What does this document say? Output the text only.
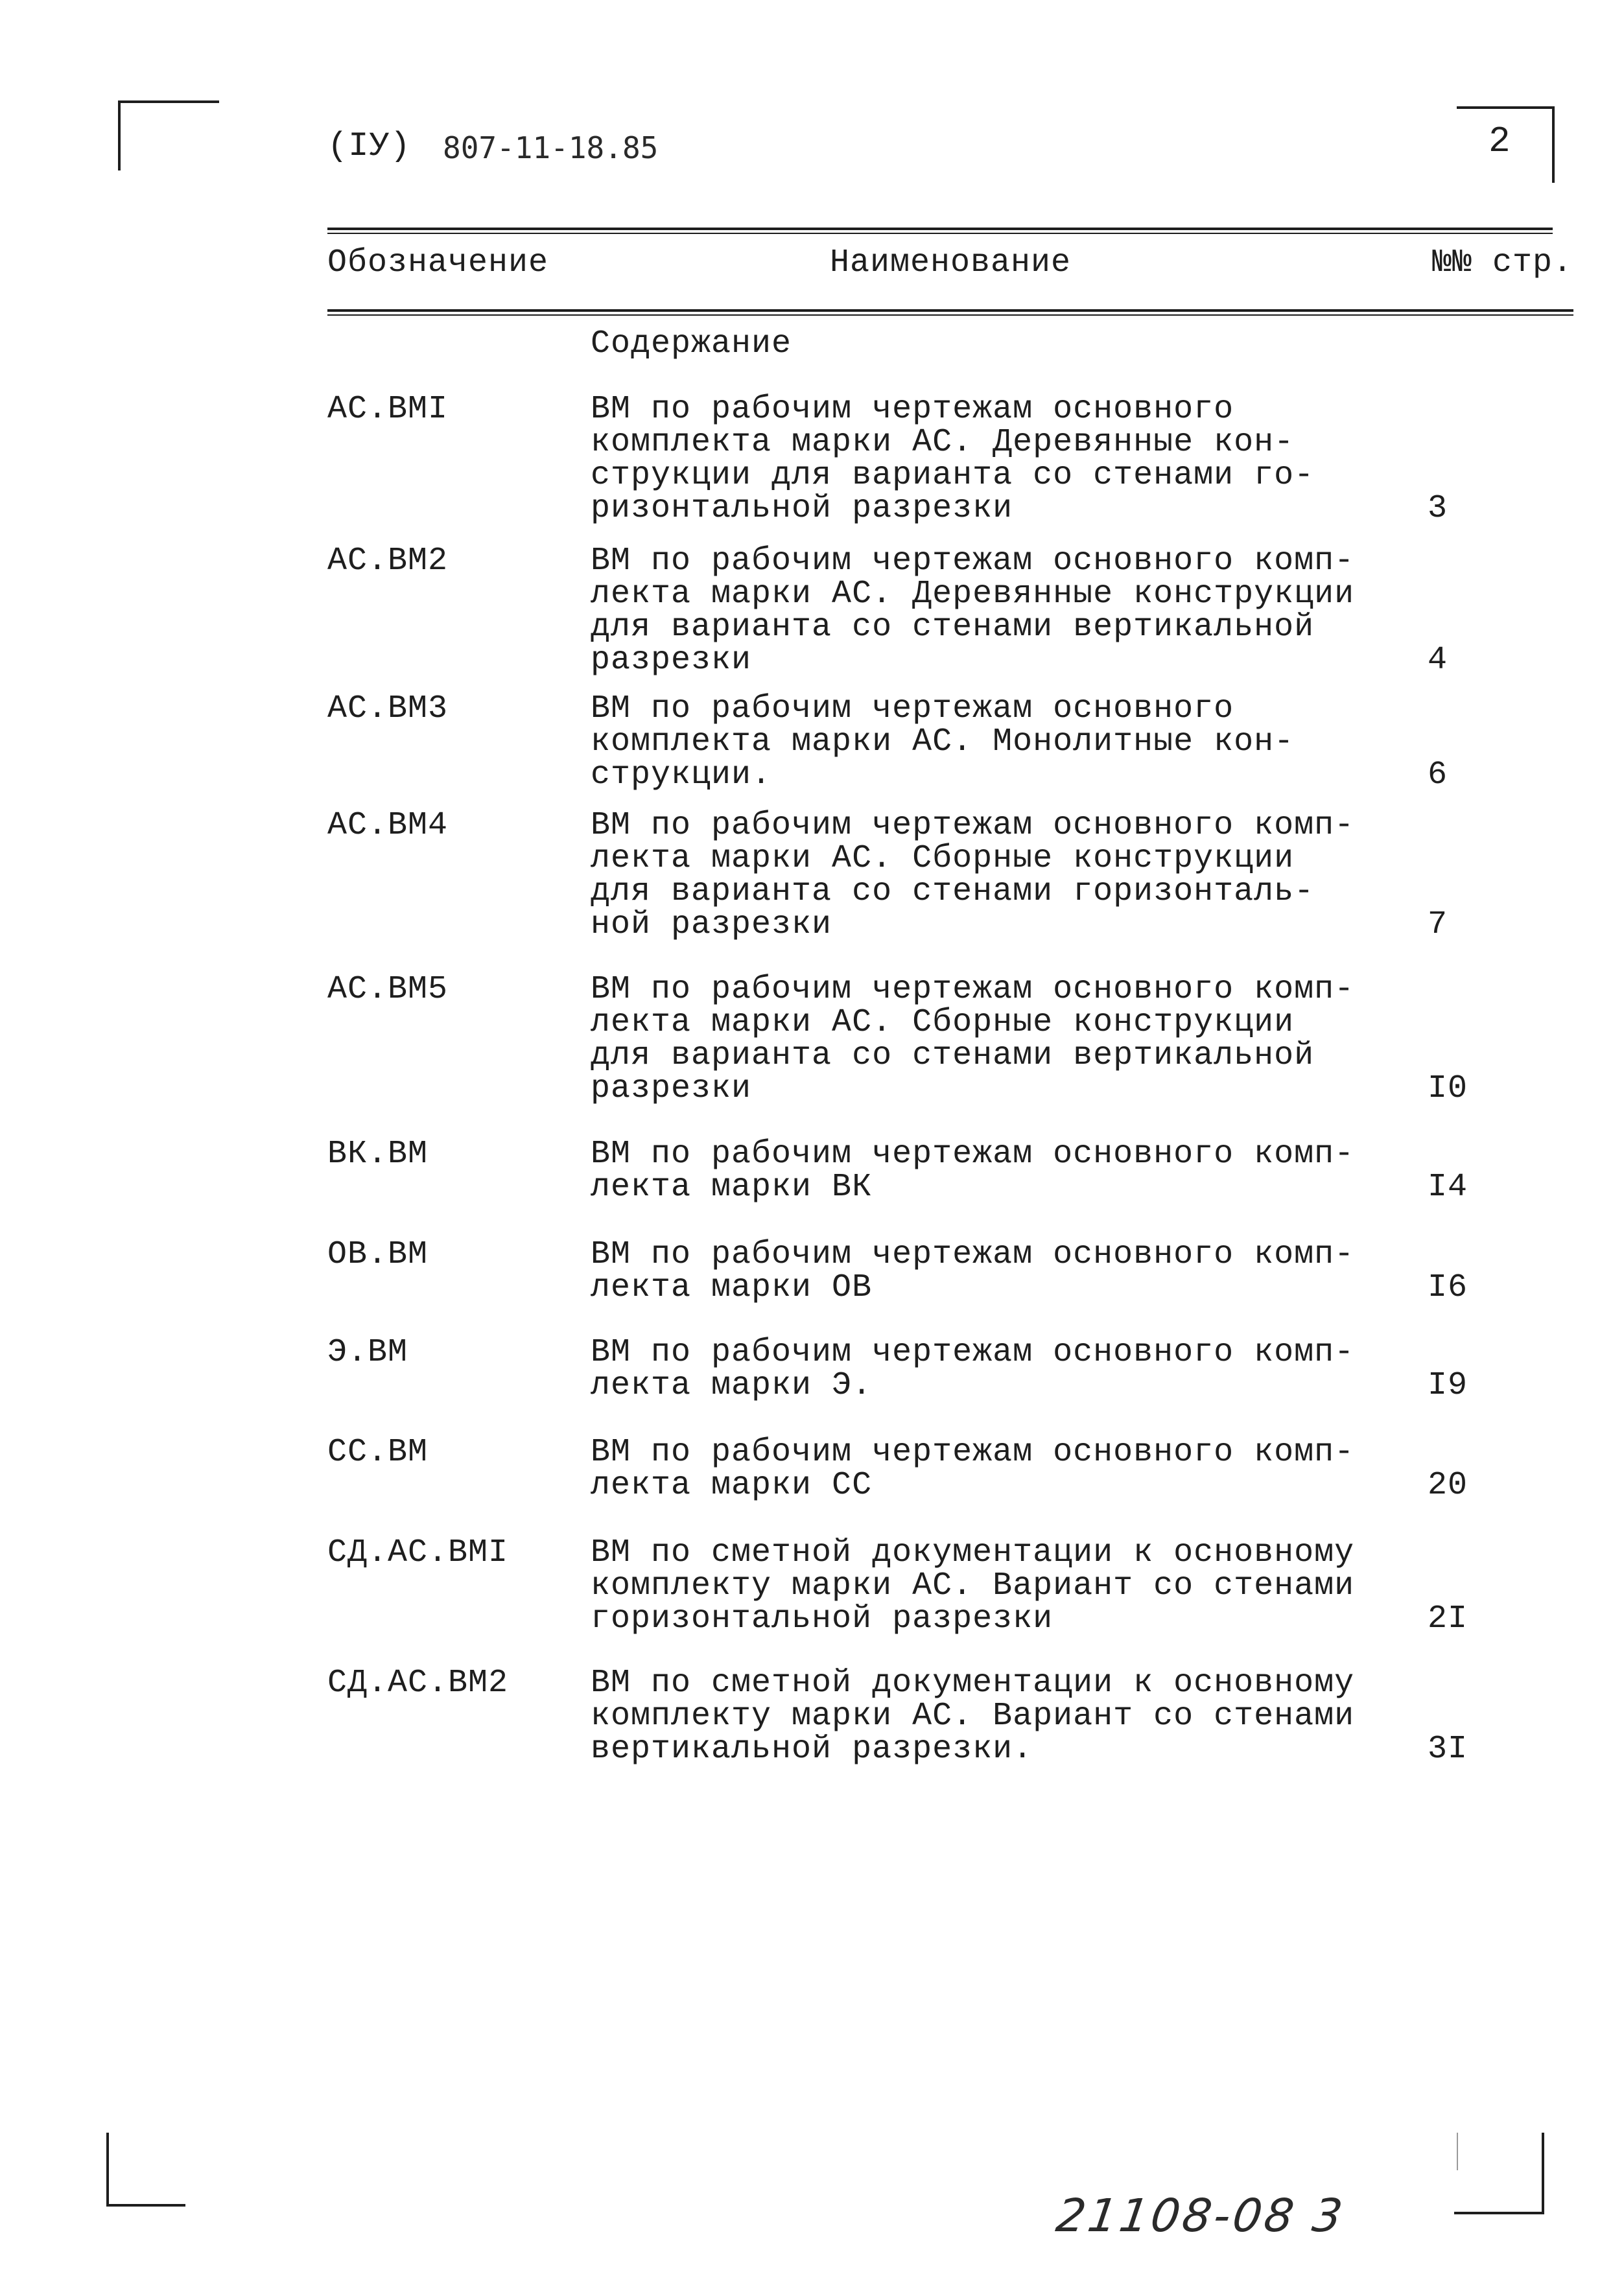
(IУ) 807-11-18.85	2
Обозначение	Наименование	№№ стр.
Содержание
АС.ВМI	ВМ по рабочим чертежам основного
комплекта марки АС. Деревянные кон-
струкции для варианта со стенами го-
ризонтальной разрезки	3
АС.ВМ2	ВМ по рабочим чертежам основного комп-
лекта марки АС. Деревянные конструкции
для варианта со стенами вертикальной
разрезки	4
АС.ВМ3	ВМ по рабочим чертежам основного
комплекта марки АС. Монолитные кон-
струкции.	6
АС.ВМ4	ВМ по рабочим чертежам основного комп-
лекта марки АС. Сборные конструкции
для варианта со стенами горизонталь-
ной разрезки	7
АС.ВМ5	ВМ по рабочим чертежам основного комп-
лекта марки АС. Сборные конструкции
для варианта со стенами вертикальной
разрезки	I0
ВК.ВМ	ВМ по рабочим чертежам основного комп-
лекта марки ВК	I4
ОВ.ВМ	ВМ по рабочим чертежам основного комп-
лекта марки ОВ	I6
Э.ВМ	ВМ по рабочим чертежам основного комп-
лекта марки Э.	I9
СС.ВМ	ВМ по рабочим чертежам основного комп-
лекта марки СС	20
СД.АС.ВМI	ВМ по сметной документации к основному
комплекту марки АС. Вариант со стенами
горизонтальной разрезки	2I
СД.АС.ВМ2	ВМ по сметной документации к основному
комплекту марки АС. Вариант со стенами
вертикальной разрезки.	3I
21108-08 3
